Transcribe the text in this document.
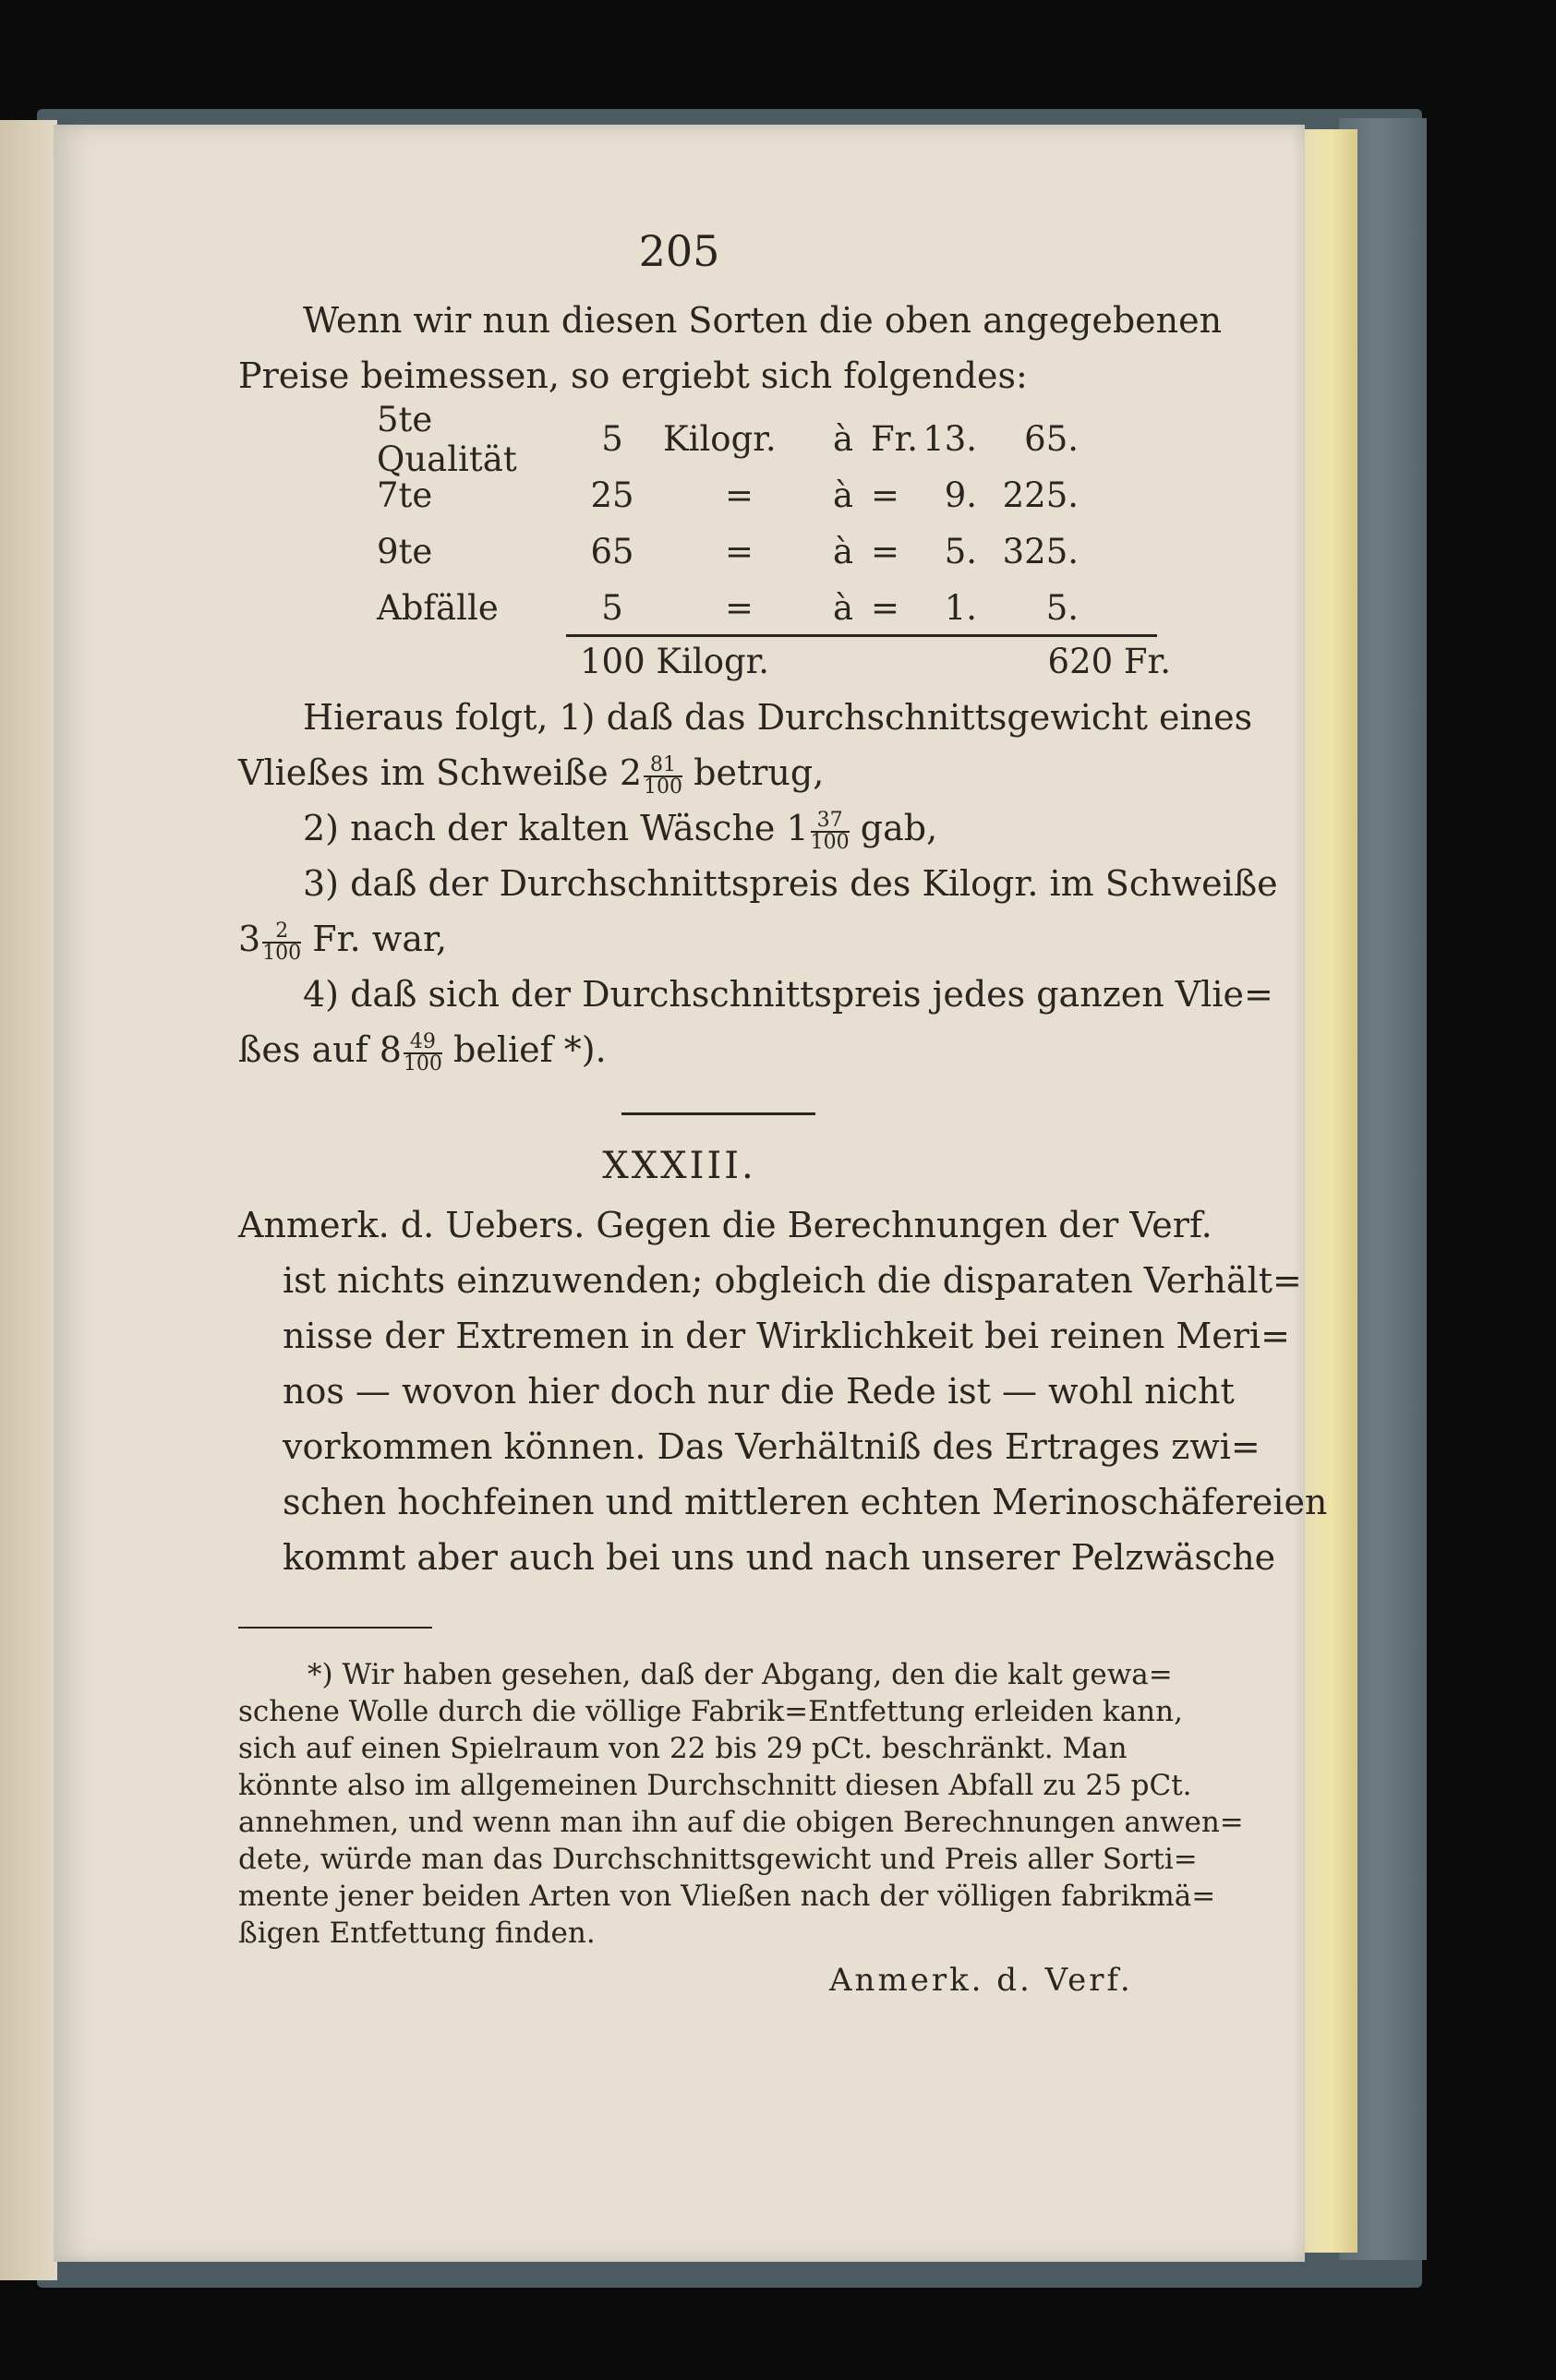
205
Wenn wir nun diesen Sorten die oben angegebenen
Preise beimessen, so ergiebt sich folgendes:
5te Qualität	5	Kilogr.	à Fr. 13.	65.
7te	25	=	à =	9. 225.
9te	65	=	à =	5. 325.
Abfälle	5	=	à =	1.	5.
100 Kilogr.	620 Fr.
Hieraus folgt, 1) daß das Durchschnittsgewicht eines
Vließes im Schweiße $2 \frac{81}{100}$ betrug,
2) nach der kalten Wäsche $1 \frac{37}{100}$ gab,
3) daß der Durchschnittspreis des Kilogr. im Schweiße
$3 \frac{2}{100} Fr$. war,
4) daß sich der Durchschnittspreis jedes ganzen Vlie=
ßes auf $8 \frac{49}{100}$ belief *).
XXXIII.
Anmerk. d. Uebers. Gegen die Berechnungen der Verf.
ist nichts einzuwenden; obgleich die disparaten Verhält=
nisse der Extremen in der Wirklichkeit bei reinen Meri=
nos — wovon hier doch nur die Rede ist — wohl nicht
vorkommen können. Das Verhältniß des Ertrages zwi=
schen hochfeinen und mittleren echten Merinoschäfereien
kommt aber auch bei uns und nach unserer Pelzwäsche
*) Wir haben gesehen, daß der Abgang, den die kalt gewa=
schene Wolle durch die völlige Fabrik=Entfettung erleiden kann,
sich auf einen Spielraum von 22 bis 29 pCt. beschränkt. Man
könnte also im allgemeinen Durchschnitt diesen Abfall zu 25 pCt.
annehmen, und wenn man ihn auf die obigen Berechnungen anwen=
dete, würde man das Durchschnittsgewicht und Preis aller Sorti=
mente jener beiden Arten von Vließen nach der völligen fabrikmä=
ßigen Entfettung finden.
Anmerk. d. Verf.
